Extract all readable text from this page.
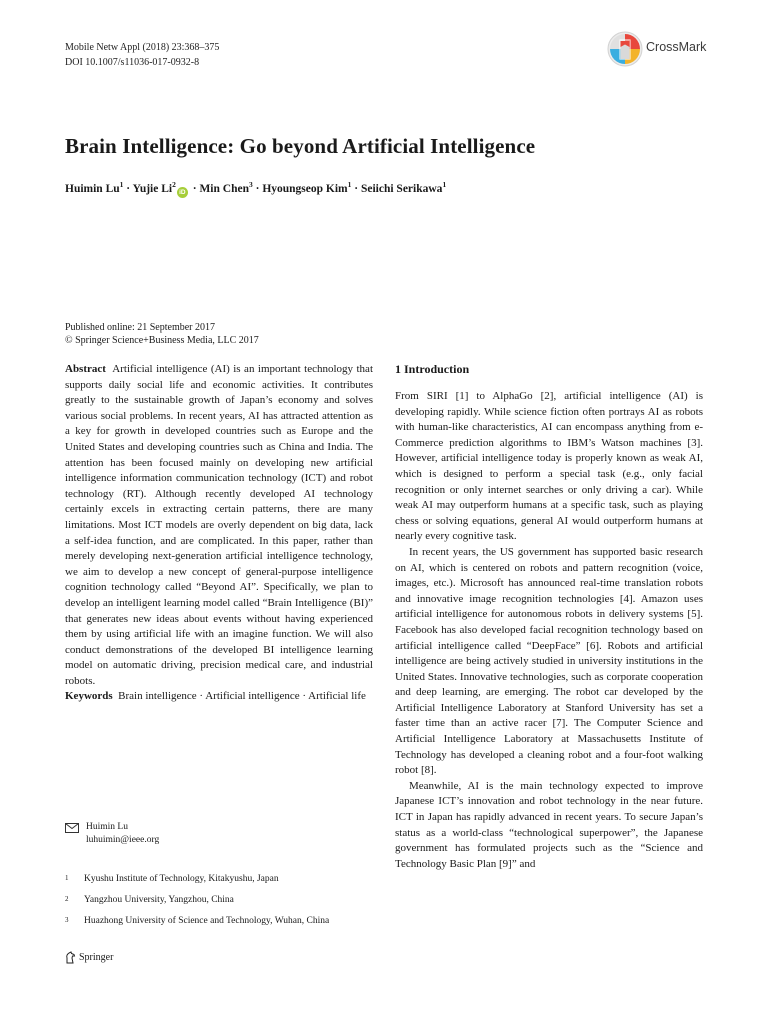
Mobile Netw Appl (2018) 23:368–375
DOI 10.1007/s11036-017-0932-8
CrossMark
Brain Intelligence: Go beyond Artificial Intelligence
Huimin $Lu^1$ · Yujie $Li^2iD$ · Min Chen$^3$ · Hyoungseop Kim$^1$ · Seiichi Serikawa$^1$
Published online: 21 September 2017
© Springer Science+Business Media, LLC 2017

Abstract Artificial intelligence (AI) is an important technology that supports daily social life and economic activities. It contributes greatly to the sustainable growth of Japan’s economy and solves various social problems. In recent years, AI has attracted attention as a key for growth in developed countries such as Europe and the United States and developing countries such as China and India. The attention has been focused mainly on developing new artificial intelligence information communication technology (ICT) and robot technology (RT). Although recently developed AI technology certainly excels in extracting certain patterns, there are many limitations. Most ICT models are overly dependent on big data, lack a self-idea function, and are complicated. In this paper, rather than merely developing next-generation artificial intelligence technology, we aim to develop a new concept of general-purpose intelligence cognition technology called “Beyond AI”. Specifically, we plan to develop an intelligent learning model called “Brain Intelligence (BI)” that generates new ideas about events without having experienced them by using artificial life with an imagine function. We will also conduct demonstrations of the developed BI intelligence learning model on automatic driving, precision medical care, and industrial robots.

Keywords Brain intelligence · Artificial intelligence · Artificial life

Huimin Lu
luhuimin@ieee.org
1	Kyushu Institute of Technology, Kitakyushu, Japan
2	Yangzhou University, Yangzhou, China
3	Huazhong University of Science and Technology, Wuhan, China
Springer
1 Introduction

From SIRI [1] to AlphaGo [2], artificial intelligence (AI) is developing rapidly. While science fiction often portrays AI as robots with human-like characteristics, AI can encompass anything from e-Commerce prediction algorithms to IBM’s Watson machines [3]. However, artificial intelligence today is properly known as weak AI, which is designed to perform a special task (e.g., only facial recognition or only internet searches or only driving a car). While weak AI may outperform humans at a specific task, such as playing chess or solving equations, general AI would outperform humans at nearly every cognitive task.

In recent years, the US government has supported basic research on AI, which is centered on robots and pattern recognition (voice, images, etc.). Microsoft has announced real-time translation robots and innovative image recognition technologies [4]. Amazon uses artificial intelligence for autonomous robots in delivery systems [5]. Facebook has also developed facial recognition technology based on artificial intelligence called “DeepFace” [6]. Robots and artificial intelligence are being actively studied in university institutions in the United States. Innovative technologies, such as corporate cooperation and deep learning, are emerging. The robot car developed by the Artificial Intelligence Laboratory at Stanford University has set a faster time than an active racer [7]. The Computer Science and Artificial Intelligence Laboratory at Massachusetts Institute of Technology has developed a cleaning robot and a four-foot walking robot [8].

Meanwhile, AI is the main technology expected to improve Japanese ICT’s innovation and robot technology in the near future. ICT in Japan has rapidly advanced in recent years. To secure Japan’s status as a world-class “technological superpower”, the Japanese government has formulated projects such as the “Science and Technology Basic Plan [9]” and
